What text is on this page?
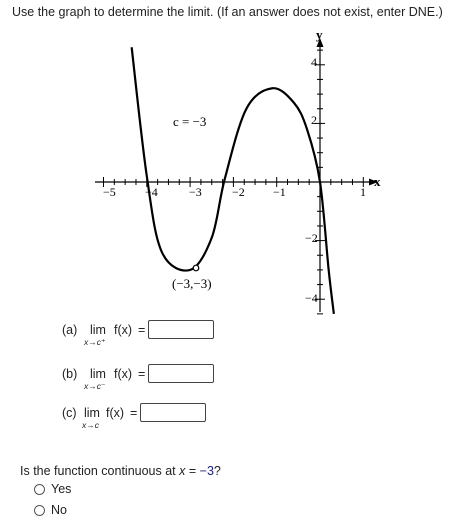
Use the graph to determine the limit. (If an answer does not exist, enter DNE.)
y
x
−5 −4	−3	−2 −1	1
4
2
−2
−4
c = −3
(−3,−3)
(a) lim
x→c⁺
f(x) =
(b) lim
x→c⁻
f(x) =
(c) lim
x→c
f(x) =
Is the function continuous at x = −3?
Yes
No
